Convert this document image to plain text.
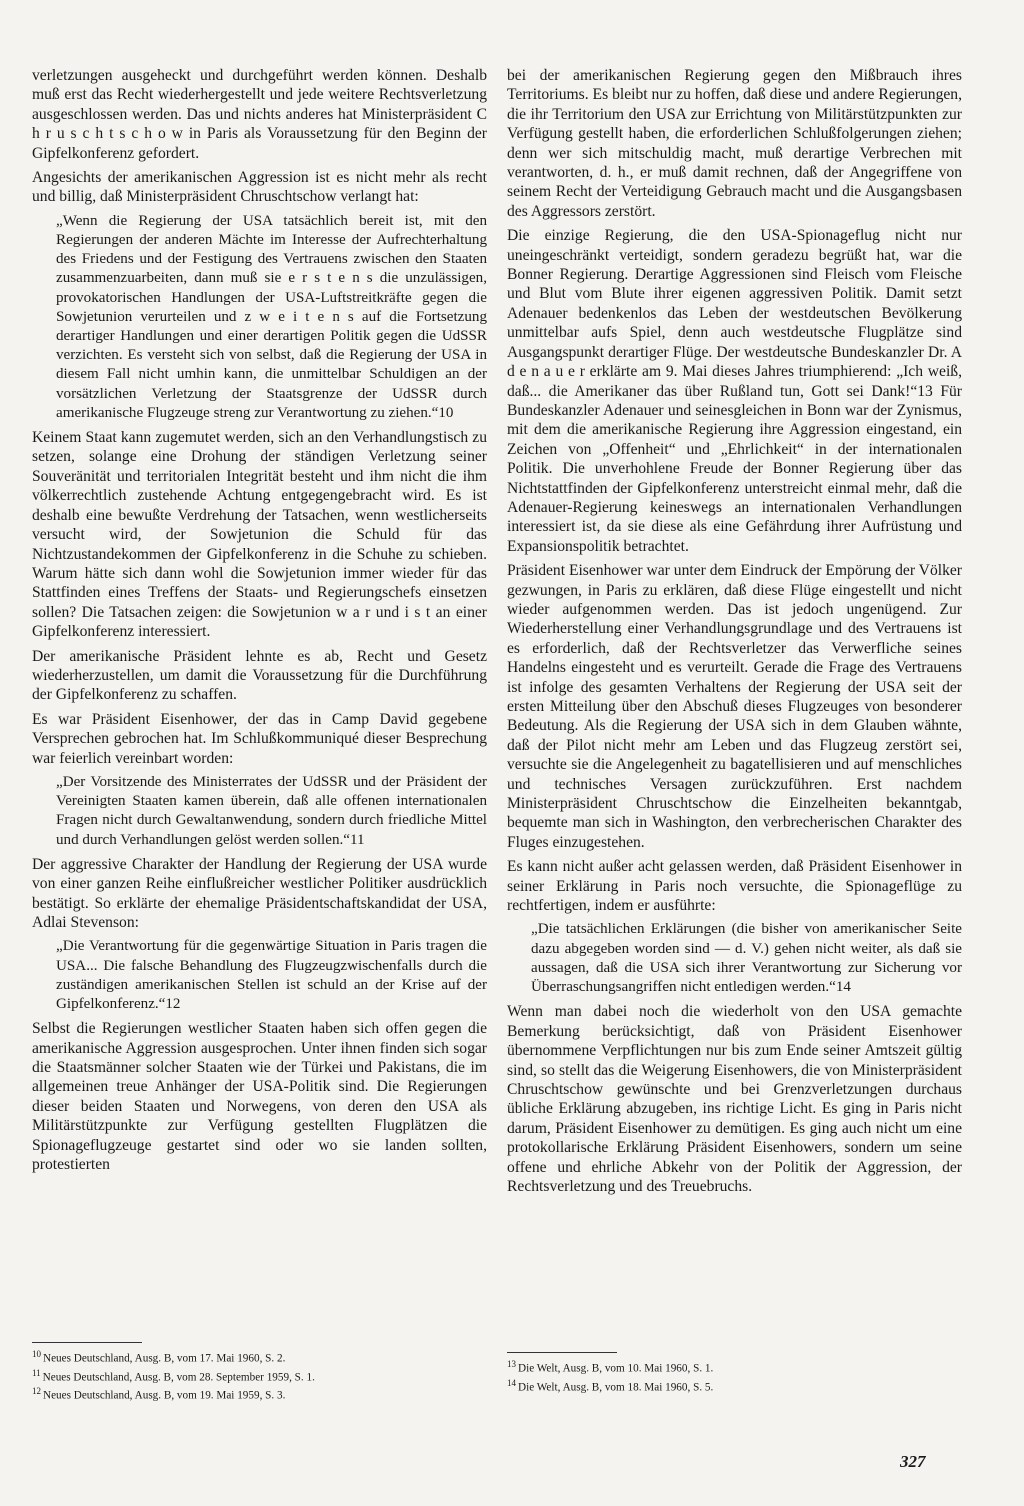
verletzungen ausgeheckt und durchgeführt werden können. Deshalb muß erst das Recht wiederhergestellt und jede weitere Rechtsverletzung ausgeschlossen werden. Das und nichts anderes hat Ministerpräsident C h r u s c h t s c h o w in Paris als Voraussetzung für den Beginn der Gipfelkonferenz gefordert.

Angesichts der amerikanischen Aggression ist es nicht mehr als recht und billig, daß Ministerpräsident Chruschtschow verlangt hat:

„Wenn die Regierung der USA tatsächlich bereit ist, mit den Regierungen der anderen Mächte im Interesse der Aufrechterhaltung des Friedens und der Festigung des Vertrauens zwischen den Staaten zusammenzuarbeiten, dann muß sie e r s t e n s die unzulässigen, provokatorischen Handlungen der USA-Luftstreitkräfte gegen die Sowjetunion verurteilen und z w e i t e n s auf die Fortsetzung derartiger Handlungen und einer derartigen Politik gegen die UdSSR verzichten. Es versteht sich von selbst, daß die Regierung der USA in diesem Fall nicht umhin kann, die unmittelbar Schuldigen an der vorsätzlichen Verletzung der Staatsgrenze der UdSSR durch amerikanische Flugzeuge streng zur Verantwortung zu ziehen.“10

Keinem Staat kann zugemutet werden, sich an den Verhandlungstisch zu setzen, solange eine Drohung der ständigen Verletzung seiner Souveränität und territorialen Integrität besteht und ihm nicht die ihm völkerrechtlich zustehende Achtung entgegengebracht wird. Es ist deshalb eine bewußte Verdrehung der Tatsachen, wenn westlicherseits versucht wird, der Sowjetunion die Schuld für das Nichtzustandekommen der Gipfelkonferenz in die Schuhe zu schieben. Warum hätte sich dann wohl die Sowjetunion immer wieder für das Stattfinden eines Treffens der Staats- und Regierungschefs einsetzen sollen? Die Tatsachen zeigen: die Sowjetunion w a r und i s t an einer Gipfelkonferenz interessiert.

Der amerikanische Präsident lehnte es ab, Recht und Gesetz wiederherzustellen, um damit die Voraussetzung für die Durchführung der Gipfelkonferenz zu schaffen.

Es war Präsident Eisenhower, der das in Camp David gegebene Versprechen gebrochen hat. Im Schlußkommuniqué dieser Besprechung war feierlich vereinbart worden:

„Der Vorsitzende des Ministerrates der UdSSR und der Präsident der Vereinigten Staaten kamen überein, daß alle offenen internationalen Fragen nicht durch Gewaltanwendung, sondern durch friedliche Mittel und durch Verhandlungen gelöst werden sollen.“11

Der aggressive Charakter der Handlung der Regierung der USA wurde von einer ganzen Reihe einflußreicher westlicher Politiker ausdrücklich bestätigt. So erklärte der ehemalige Präsidentschaftskandidat der USA, Adlai Stevenson:

„Die Verantwortung für die gegenwärtige Situation in Paris tragen die USA... Die falsche Behandlung des Flugzeugzwischenfalls durch die zuständigen amerikanischen Stellen ist schuld an der Krise auf der Gipfelkonferenz.“12

Selbst die Regierungen westlicher Staaten haben sich offen gegen die amerikanische Aggression ausgesprochen. Unter ihnen finden sich sogar die Staatsmänner solcher Staaten wie der Türkei und Pakistans, die im allgemeinen treue Anhänger der USA-Politik sind. Die Regierungen dieser beiden Staaten und Norwegens, von deren den USA als Militärstützpunkte zur Verfügung gestellten Flugplätzen die Spionageflugzeuge gestartet sind oder wo sie landen sollten, protestierten

$^{10}$ Neues Deutschland, Ausg. B, vom 17. Mai 1960, S. 2.

$^{11}$ Neues Deutschland, Ausg. B, vom 28. September 1959, S. 1.

$^{12}$ Neues Deutschland, Ausg. B, vom 19. Mai 1959, S. 3.

bei der amerikanischen Regierung gegen den Mißbrauch ihres Territoriums. Es bleibt nur zu hoffen, daß diese und andere Regierungen, die ihr Territorium den USA zur Errichtung von Militärstützpunkten zur Verfügung gestellt haben, die erforderlichen Schlußfolgerungen ziehen; denn wer sich mitschuldig macht, muß derartige Verbrechen mit verantworten, d. h., er muß damit rechnen, daß der Angegriffene von seinem Recht der Verteidigung Gebrauch macht und die Ausgangsbasen des Aggressors zerstört.

Die einzige Regierung, die den USA-Spionageflug nicht nur uneingeschränkt verteidigt, sondern geradezu begrüßt hat, war die Bonner Regierung. Derartige Aggressionen sind Fleisch vom Fleische und Blut vom Blute ihrer eigenen aggressiven Politik. Damit setzt Adenauer bedenkenlos das Leben der westdeutschen Bevölkerung unmittelbar aufs Spiel, denn auch westdeutsche Flugplätze sind Ausgangspunkt derartiger Flüge. Der westdeutsche Bundeskanzler Dr. A d e n a u e r erklärte am 9. Mai dieses Jahres triumphierend: „Ich weiß, daß... die Amerikaner das über Rußland tun, Gott sei Dank!“13 Für Bundeskanzler Adenauer und seinesgleichen in Bonn war der Zynismus, mit dem die amerikanische Regierung ihre Aggression eingestand, ein Zeichen von „Offenheit“ und „Ehrlichkeit“ in der internationalen Politik. Die unverhohlene Freude der Bonner Regierung über das Nichtstattfinden der Gipfelkonferenz unterstreicht einmal mehr, daß die Adenauer-Regierung keineswegs an internationalen Verhandlungen interessiert ist, da sie diese als eine Gefährdung ihrer Aufrüstung und Expansionspolitik betrachtet.

Präsident Eisenhower war unter dem Eindruck der Empörung der Völker gezwungen, in Paris zu erklären, daß diese Flüge eingestellt und nicht wieder aufgenommen werden. Das ist jedoch ungenügend. Zur Wiederherstellung einer Verhandlungsgrundlage und des Vertrauens ist es erforderlich, daß der Rechtsverletzer das Verwerfliche seines Handelns eingesteht und es verurteilt. Gerade die Frage des Vertrauens ist infolge des gesamten Verhaltens der Regierung der USA seit der ersten Mitteilung über den Abschuß dieses Flugzeuges von besonderer Bedeutung. Als die Regierung der USA sich in dem Glauben wähnte, daß der Pilot nicht mehr am Leben und das Flugzeug zerstört sei, versuchte sie die Angelegenheit zu bagatellisieren und auf menschliches und technisches Versagen zurückzuführen. Erst nachdem Ministerpräsident Chruschtschow die Einzelheiten bekanntgab, bequemte man sich in Washington, den verbrecherischen Charakter des Fluges einzugestehen.

Es kann nicht außer acht gelassen werden, daß Präsident Eisenhower in seiner Erklärung in Paris noch versuchte, die Spionageflüge zu rechtfertigen, indem er ausführte:

„Die tatsächlichen Erklärungen (die bisher von amerikanischer Seite dazu abgegeben worden sind — d. V.) gehen nicht weiter, als daß sie aussagen, daß die USA sich ihrer Verantwortung zur Sicherung vor Überraschungsangriffen nicht entledigen werden.“14

Wenn man dabei noch die wiederholt von den USA gemachte Bemerkung berücksichtigt, daß von Präsident Eisenhower übernommene Verpflichtungen nur bis zum Ende seiner Amtszeit gültig sind, so stellt das die Weigerung Eisenhowers, die von Ministerpräsident Chruschtschow gewünschte und bei Grenzverletzungen durchaus übliche Erklärung abzugeben, ins richtige Licht. Es ging in Paris nicht darum, Präsident Eisenhower zu demütigen. Es ging auch nicht um eine protokollarische Erklärung Präsident Eisenhowers, sondern um seine offene und ehrliche Abkehr von der Politik der Aggression, der Rechtsverletzung und des Treuebruchs.

$^{13}$ Die Welt, Ausg. B, vom 10. Mai 1960, S. 1.

$^{14}$ Die Welt, Ausg. B, vom 18. Mai 1960, S. 5.

327
